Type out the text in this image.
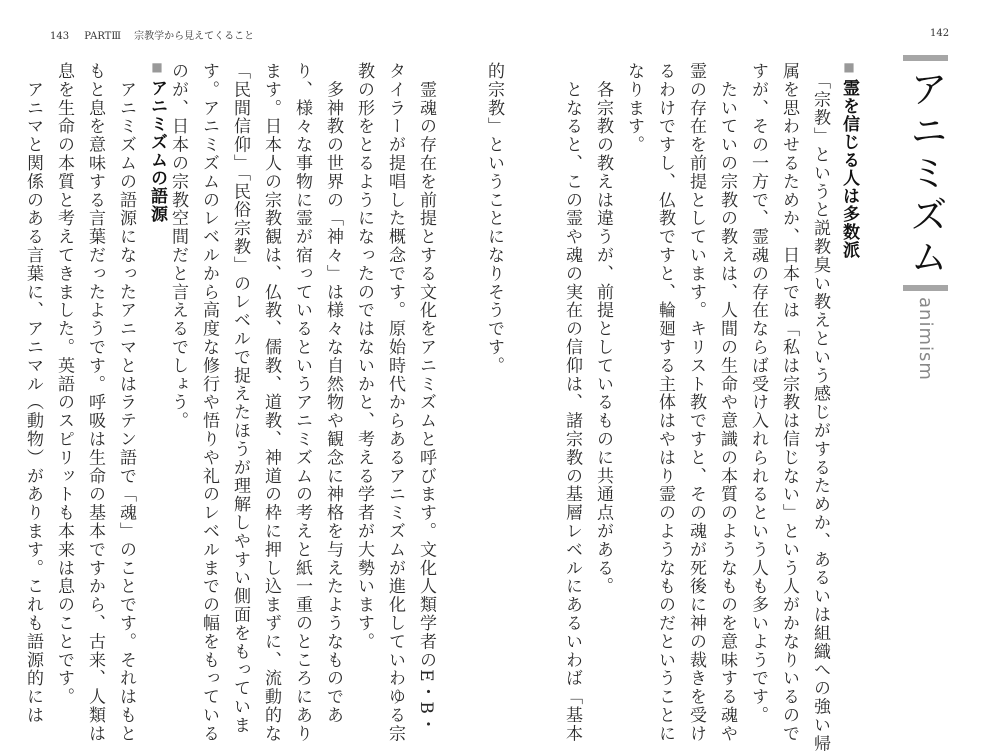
142
アニミズム
animism
■霊を信じる人は多数派
　「宗教」というと説教臭い教えという感じがするためか、あるいは組織への強い帰
属を思わせるためか、日本では「私は宗教は信じない」という人がかなりいるので
すが、その一方で、霊魂の存在ならば受け入れられるという人も多いようです。
　たいていの宗教の教えは、人間の生命や意識の本質のようなものを意味する魂や
霊の存在を前提としています。キリスト教ですと、その魂が死後に神の裁きを受け
るわけですし、仏教ですと、輪廻する主体はやはり霊のようなものだということに
なります。
　各宗教の教えは違うが、前提としているものに共通点がある。
　となると、この霊や魂の実在の信仰は、諸宗教の基層レベルにあるいわば「基本
的宗教」ということになりそうです。
143 PARTⅢ 宗教学から見えてくること
　霊魂の存在を前提とする文化をアニミズムと呼びます。文化人類学者のE・B・
タイラーが提唱した概念です。原始時代からあるアニミズムが進化していわゆる宗
教の形をとるようになったのではないかと、考える学者が大勢います。
　多神教の世界の「神々」は様々な自然物や観念に神格を与えたようなものであ
り、様々な事物に霊が宿っているというアニミズムの考えと紙一重のところにあり
ます。日本人の宗教観は、仏教、儒教、道教、神道の枠に押し込まずに、流動的な
「民間信仰」「民俗宗教」のレベルで捉えたほうが理解しやすい側面をもっていま
す。アニミズムのレベルから高度な修行や悟りや礼のレベルまでの幅をもっている
のが、日本の宗教空間だと言えるでしょう。
■アニミズムの語源
　アニミズムの語源になったアニマとはラテン語で「魂」のことです。それはもと
もと息を意味する言葉だったようです。呼吸は生命の基本ですから、古来、人類は
息を生命の本質と考えてきました。英語のスピリットも本来は息のことです。
　アニマと関係のある言葉に、アニマル（動物）があります。これも語源的には
